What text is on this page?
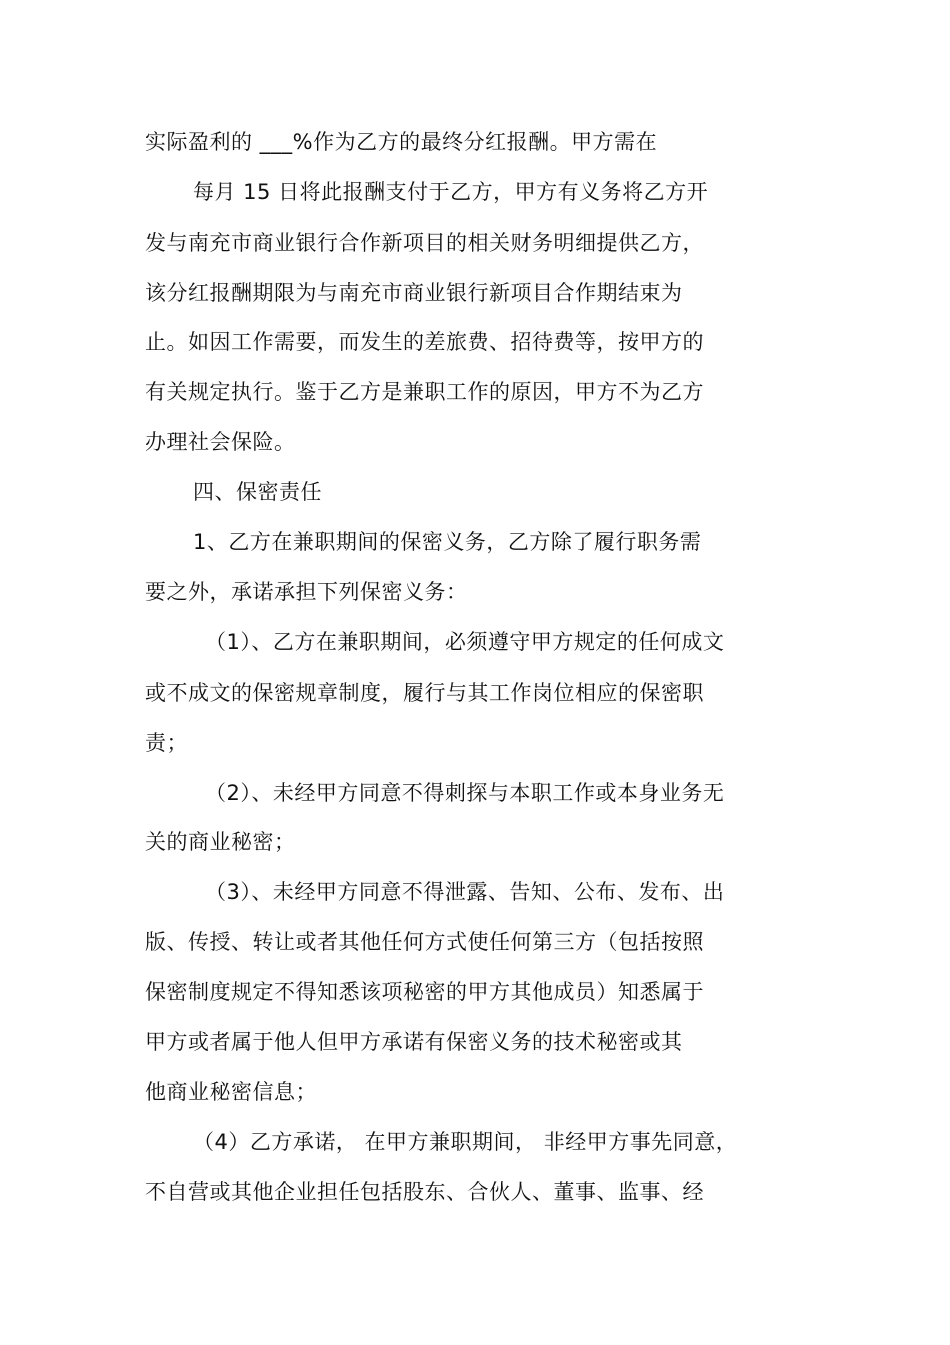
实际盈利的 ___%作为乙方的最终分红报酬。甲方需在
每月 15 日将此报酬支付于乙方，甲方有义务将乙方开
发与南充市商业银行合作新项目的相关财务明细提供乙方，
该分红报酬期限为与南充市商业银行新项目合作期结束为
止。如因工作需要，而发生的差旅费、招待费等，按甲方的
有关规定执行。鉴于乙方是兼职工作的原因，甲方不为乙方
办理社会保险。
四、保密责任
1、乙方在兼职期间的保密义务，乙方除了履行职务需
要之外，承诺承担下列保密义务：
（1）、乙方在兼职期间，必须遵守甲方规定的任何成文
或不成文的保密规章制度，履行与其工作岗位相应的保密职
责；
（2）、未经甲方同意不得刺探与本职工作或本身业务无
关的商业秘密；
（3）、未经甲方同意不得泄露、告知、公布、发布、出
版、传授、转让或者其他任何方式使任何第三方（包括按照
保密制度规定不得知悉该项秘密的甲方其他成员）知悉属于
甲方或者属于他人但甲方承诺有保密义务的技术秘密或其
他商业秘密信息；
（4）乙方承诺， 在甲方兼职期间， 非经甲方事先同意，
不自营或其他企业担任包括股东、合伙人、董事、监事、经
